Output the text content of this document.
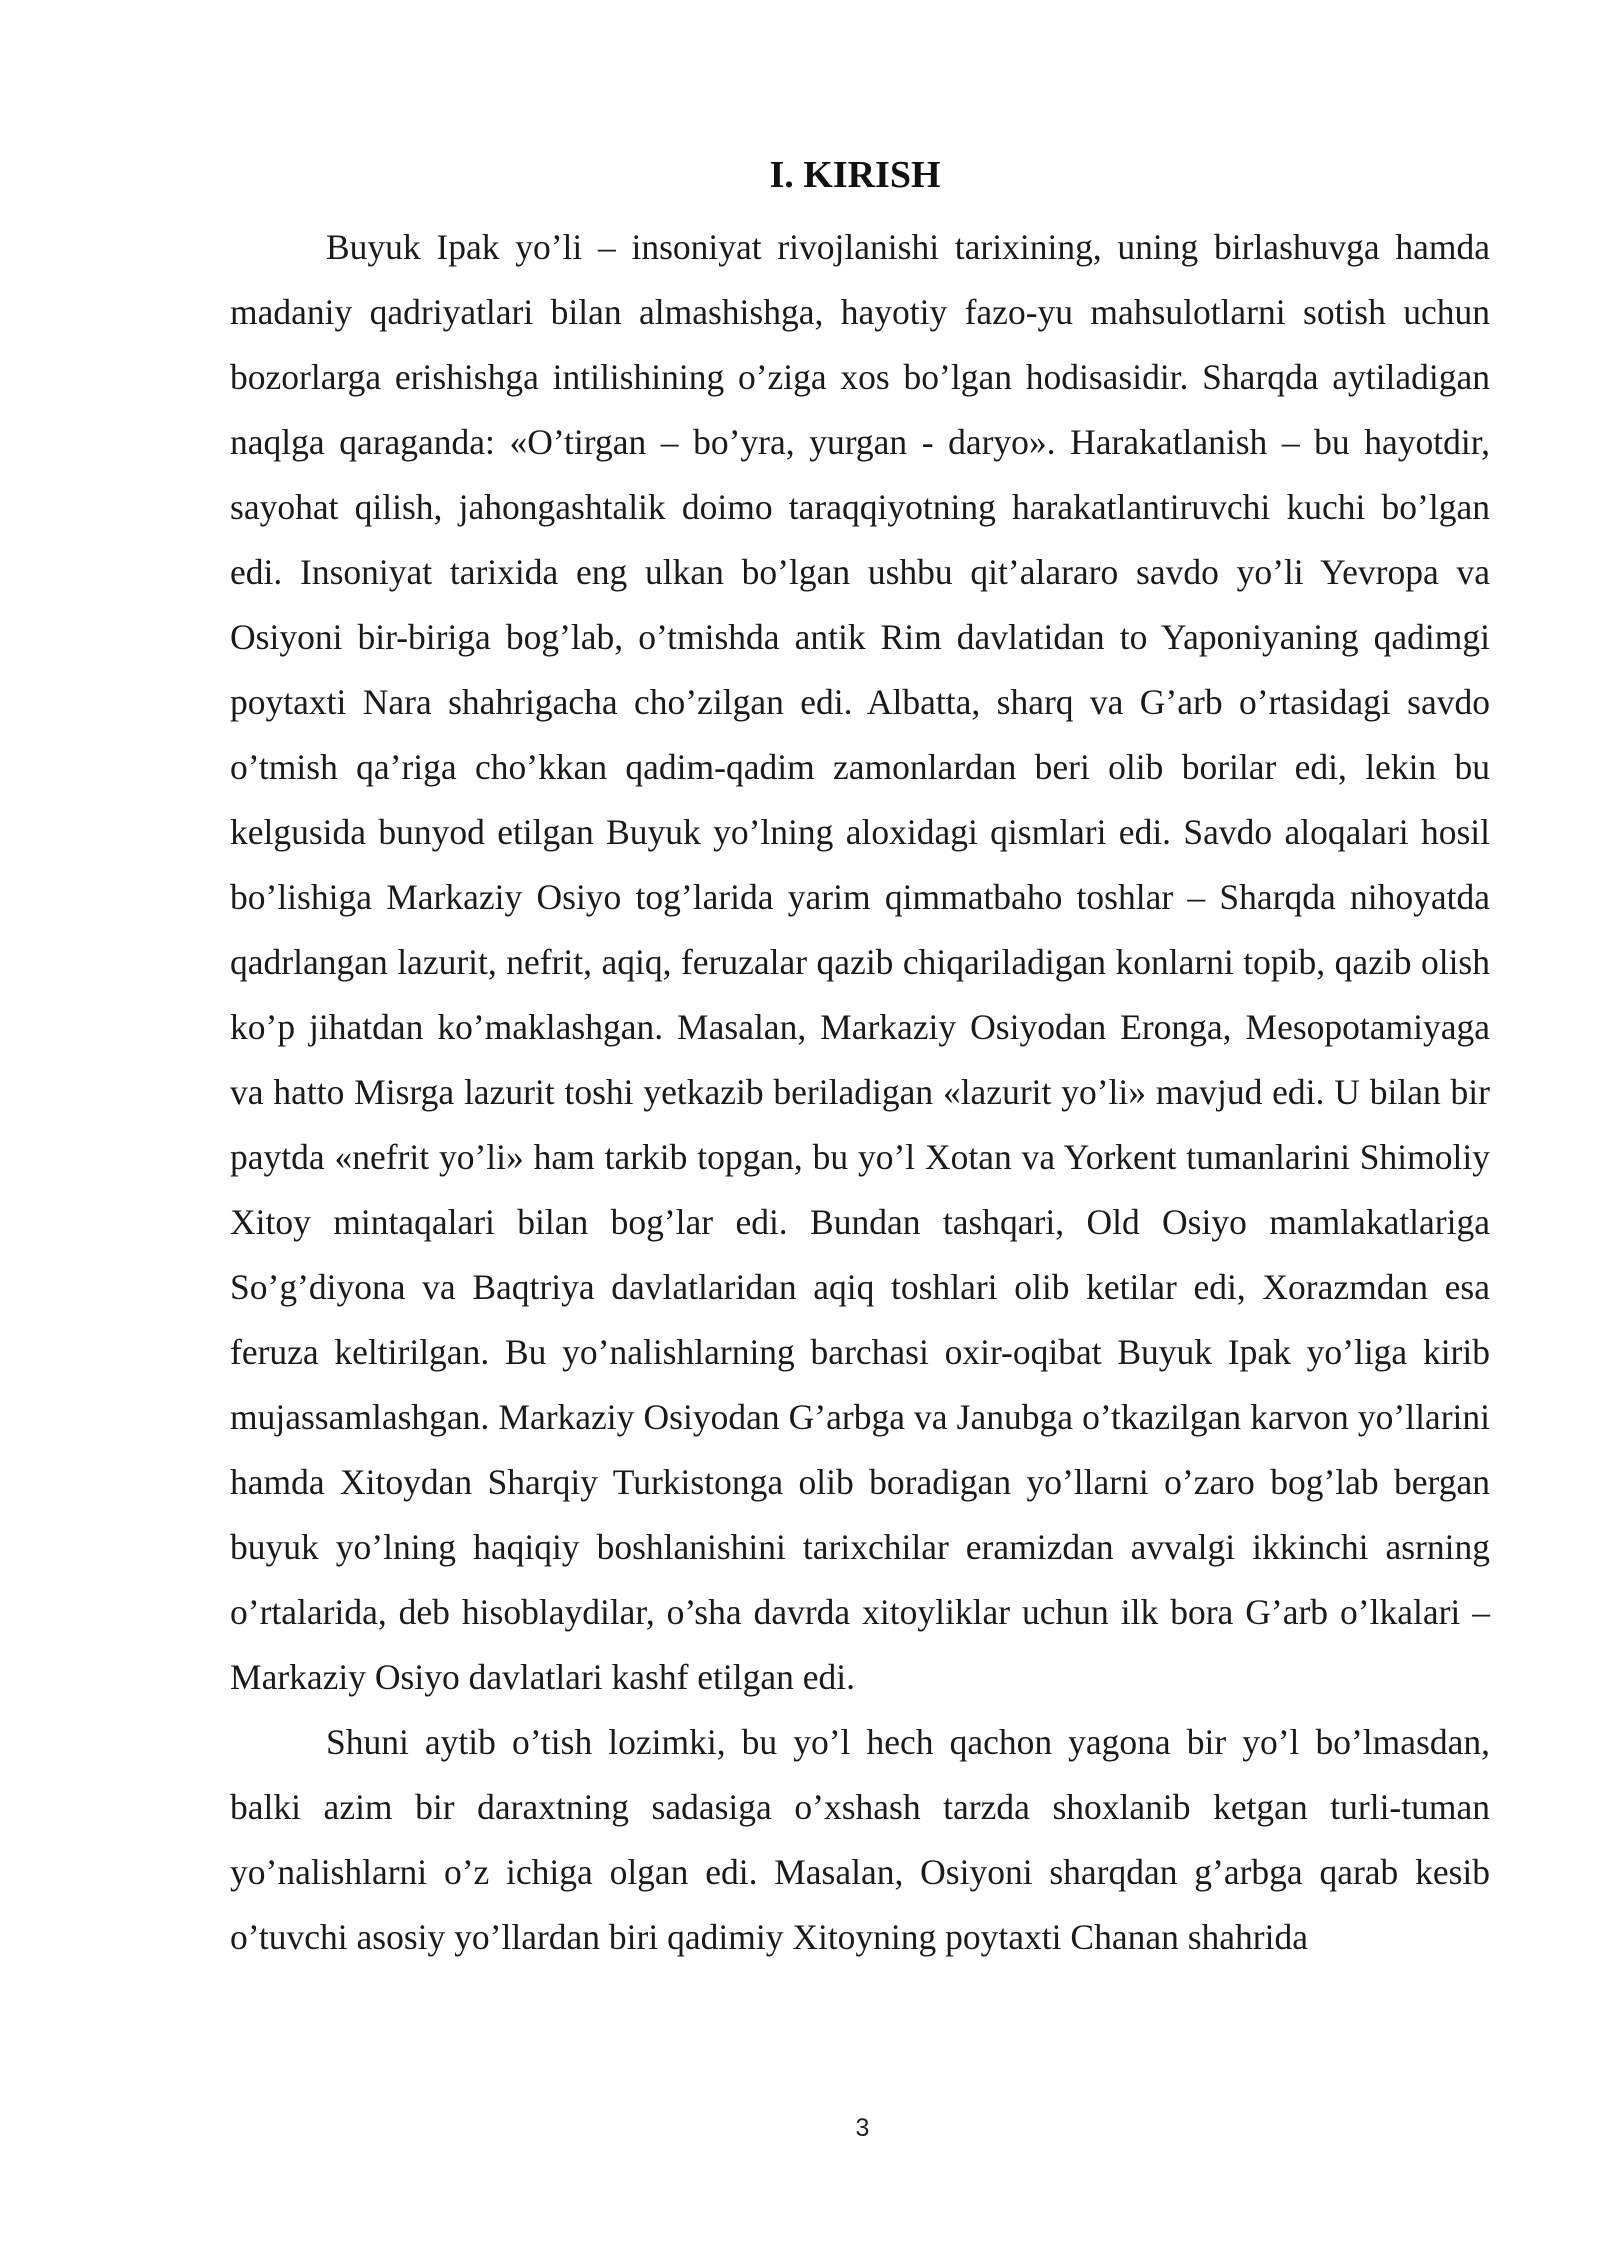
I. KIRISH

Buyuk Ipak yo’li – insoniyat rivojlanishi tarixining, uning birlashuvga hamda madaniy qadriyatlari bilan almashishga, hayotiy fazo-yu mahsulotlarni sotish uchun bozorlarga erishishga intilishining o’ziga xos bo’lgan hodisasidir. Sharqda aytiladigan naqlga qaraganda: «O’tirgan – bo’yra, yurgan - daryo». Harakatlanish – bu hayotdir, sayohat qilish, jahongashtalik doimo taraqqiyotning harakatlantiruvchi kuchi bo’lgan edi. Insoniyat tarixida eng ulkan bo’lgan ushbu qit’alararo savdo yo’li Yevropa va Osiyoni bir-biriga bog’lab, o’tmishda antik Rim davlatidan to Yaponiyaning qadimgi poytaxti Nara shahrigacha cho’zilgan edi. Albatta, sharq va G’arb o’rtasidagi savdo o’tmish qa’riga cho’kkan qadim-qadim zamonlardan beri olib borilar edi, lekin bu kelgusida bunyod etilgan Buyuk yo’lning aloxidagi qismlari edi. Savdo aloqalari hosil bo’lishiga Markaziy Osiyo tog’larida yarim qimmatbaho toshlar – Sharqda nihoyatda qadrlangan lazurit, nefrit, aqiq, feruzalar qazib chiqariladigan konlarni topib, qazib olish ko’p jihatdan ko’maklashgan. Masalan, Markaziy Osiyodan Eronga, Mesopotamiyaga va hatto Misrga lazurit toshi yetkazib beriladigan «lazurit yo’li» mavjud edi. U bilan bir paytda «nefrit yo’li» ham tarkib topgan, bu yo’l Xotan va Yorkent tumanlarini Shimoliy Xitoy mintaqalari bilan bog’lar edi. Bundan tashqari, Old Osiyo mamlakatlariga So’g’diyona va Baqtriya davlatlaridan aqiq toshlari olib ketilar edi, Xorazmdan esa feruza keltirilgan. Bu yo’nalishlarning barchasi oxir-oqibat Buyuk Ipak yo’liga kirib mujassamlashgan. Markaziy Osiyodan G’arbga va Janubga o’tkazilgan karvon yo’llarini hamda Xitoydan Sharqiy Turkistonga olib boradigan yo’llarni o’zaro bog’lab bergan buyuk yo’lning haqiqiy boshlanishini tarixchilar eramizdan avvalgi ikkinchi asrning o’rtalarida, deb hisoblaydilar, o’sha davrda xitoyliklar uchun ilk bora G’arb o’lkalari – Markaziy Osiyo davlatlari kashf etilgan edi.

Shuni aytib o’tish lozimki, bu yo’l hech qachon yagona bir yo’l bo’lmasdan, balki azim bir daraxtning sadasiga o’xshash tarzda shoxlanib ketgan turli-tuman yo’nalishlarni o’z ichiga olgan edi. Masalan, Osiyoni sharqdan g’arbga qarab kesib o’tuvchi asosiy yo’llardan biri qadimiy Xitoyning poytaxti Chanan shahrida

3
